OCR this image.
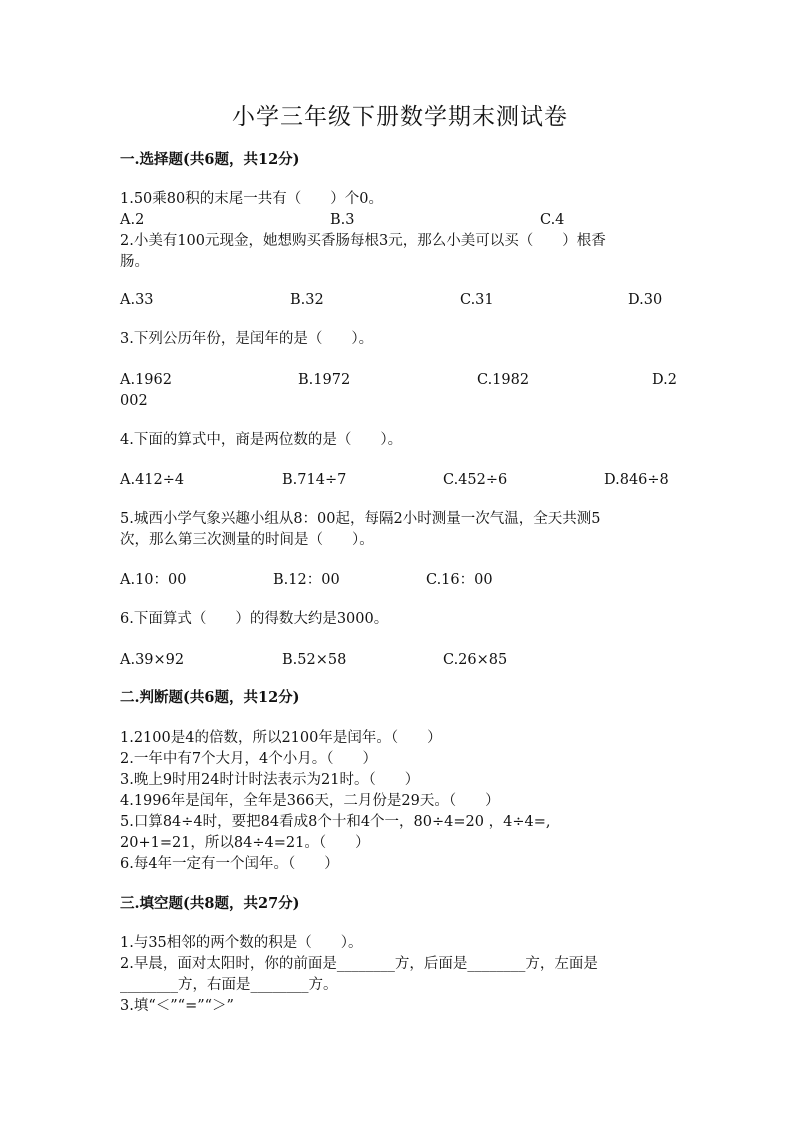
小学三年级下册数学期末测试卷
一.选择题(共6题，共12分)
1.50乘80积的末尾一共有（　　）个0。
A.2	B.3	C.4
2.小美有100元现金，她想购买香肠每根3元，那么小美可以买（　　）根香
肠。
A.33	B.32	C.31	D.30
3.下列公历年份，是闰年的是（　　）。
A.1962	B.1972	C.1982	D.2
002
4.下面的算式中，商是两位数的是（　　）。
A.412÷4	B.714÷7	C.452÷6	D.846÷8
5.城西小学气象兴趣小组从8：00起，每隔2小时测量一次气温，全天共测5
次，那么第三次测量的时间是（　　）。
A.10：00	B.12：00	C.16：00
6.下面算式（　　）的得数大约是3000。
A.39×92	B.52×58	C.26×85
二.判断题(共6题，共12分)
1.2100是4的倍数，所以2100年是闰年。（　　）
2.一年中有7个大月，4个小月。（　　）
3.晚上9时用24时计时法表示为21时。（　　）
4.1996年是闰年，全年是366天，二月份是29天。（　　）
5.口算84÷4时，要把84看成8个十和4个一，80÷4=20 ，4÷4=,
20+1=21，所以84÷4=21。（　　）
6.每4年一定有一个闰年。（　　）
三.填空题(共8题，共27分)
1.与35相邻的两个数的积是（　　）。
2.早晨，面对太阳时，你的前面是________方，后面是________方，左面是
________方，右面是________方。
3.填“＜”“=”“＞”
